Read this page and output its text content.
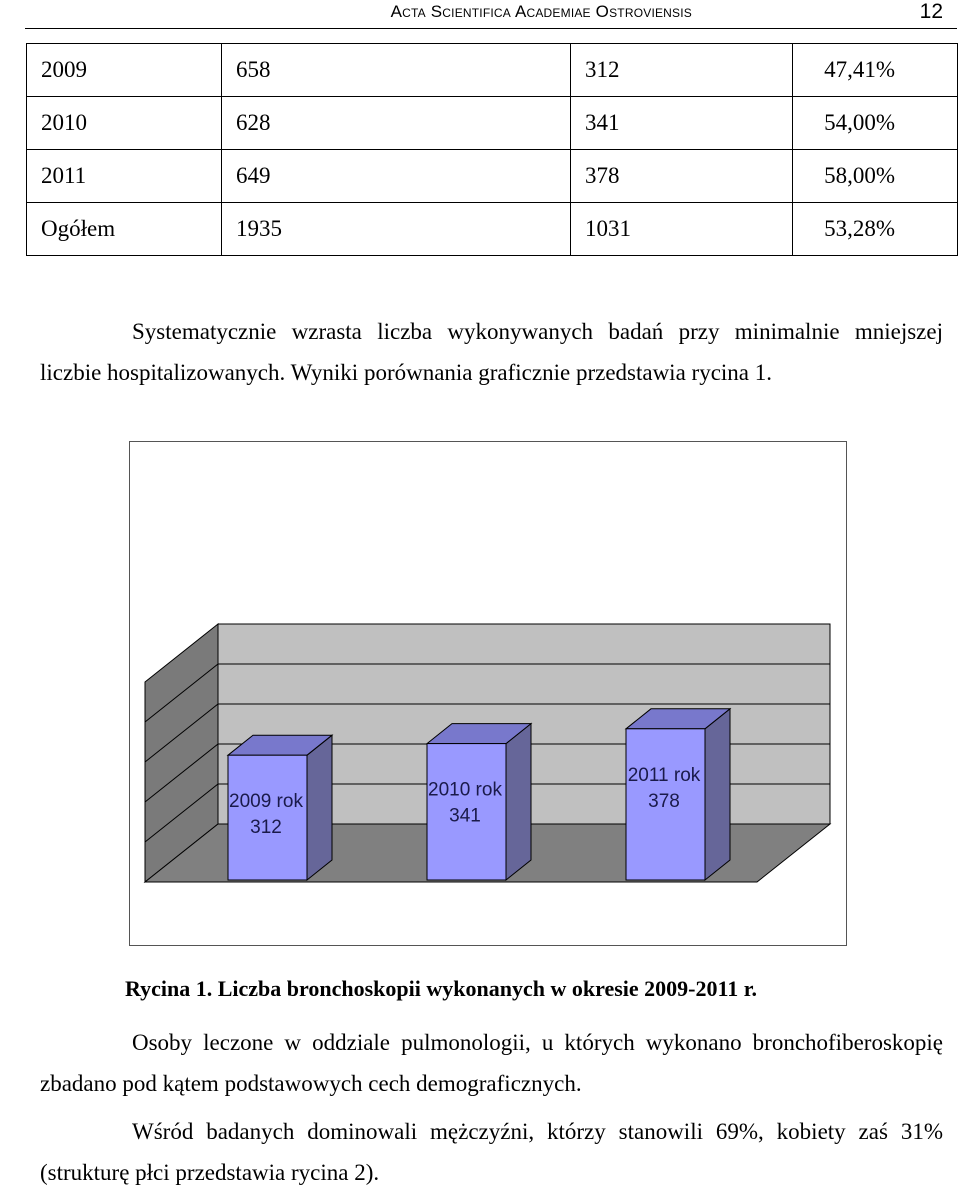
Acta Scientifica Academiae Ostroviensis	12
2009	658	312	47,41%
2010	628	341	54,00%
2011	649	378	58,00%
Ogółem	1935	1031	53,28%

Systematycznie wzrasta liczba wykonywanych badań przy minimalnie mniejszej liczbie hospitalizowanych. Wyniki porównania graficznie przedstawia rycina 1.

2009 rok
312
2010 rok
341
2011 rok
378
Rycina 1. Liczba bronchoskopii wykonanych w okresie 2009-2011 r.

Osoby leczone w oddziale pulmonologii, u których wykonano bronchofiberoskopię zbadano pod kątem podstawowych cech demograficznych.

Wśród badanych dominowali mężczyźni, którzy stanowili 69%, kobiety zaś 31% (strukturę płci przedstawia rycina 2).
